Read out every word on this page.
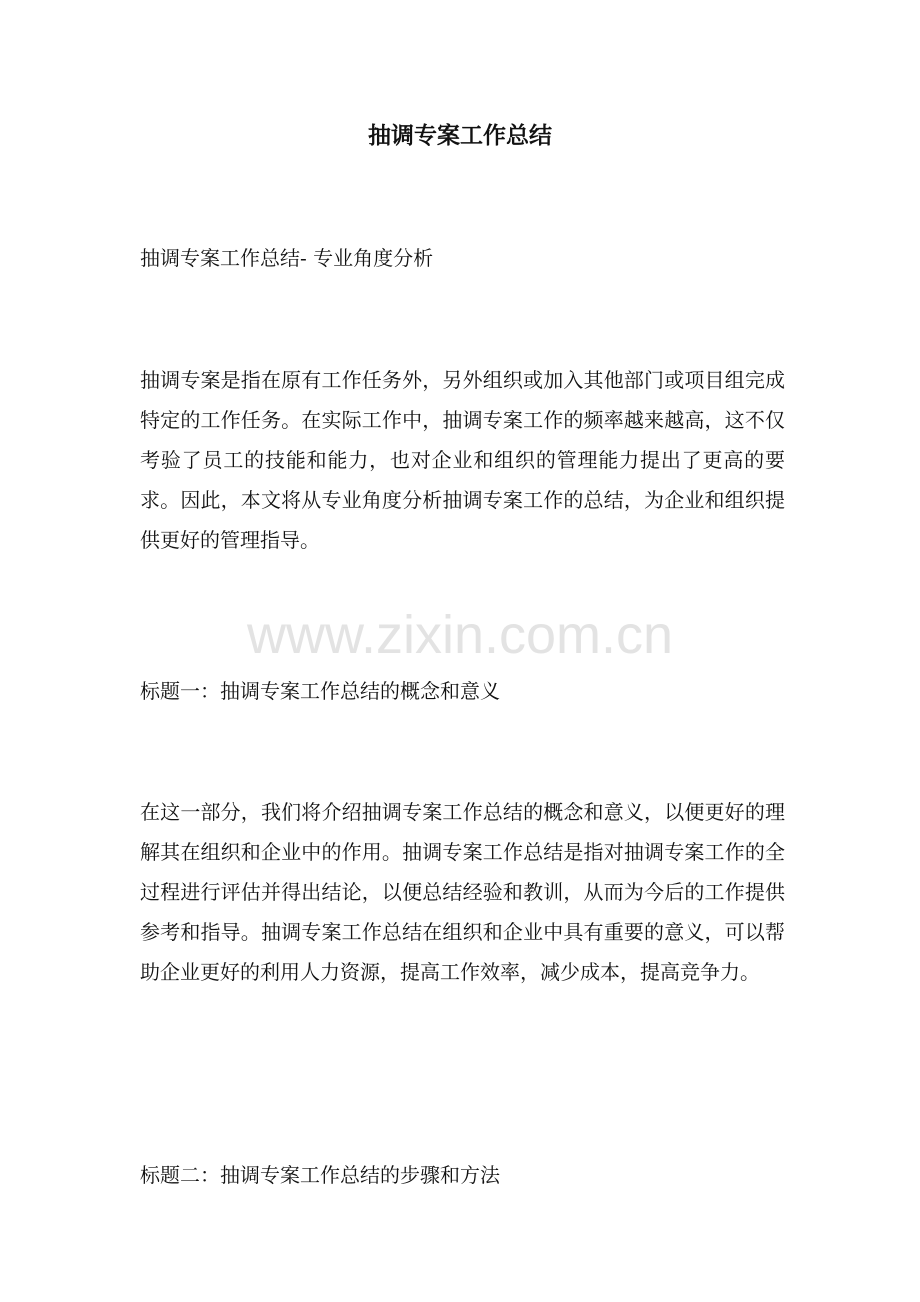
抽调专案工作总结

抽调专案工作总结- 专业角度分析

抽调专案是指在原有工作任务外，另外组织或加入其他部门或项目组完成特定的工作任务。在实际工作中，抽调专案工作的频率越来越高，这不仅考验了员工的技能和能力，也对企业和组织的管理能力提出了更高的要求。因此，本文将从专业角度分析抽调专案工作的总结，为企业和组织提供更好的管理指导。

www.zixin.com.cn

标题一：抽调专案工作总结的概念和意义

在这一部分，我们将介绍抽调专案工作总结的概念和意义，以便更好的理解其在组织和企业中的作用。抽调专案工作总结是指对抽调专案工作的全过程进行评估并得出结论，以便总结经验和教训，从而为今后的工作提供参考和指导。抽调专案工作总结在组织和企业中具有重要的意义，可以帮助企业更好的利用人力资源，提高工作效率，减少成本，提高竞争力。

标题二：抽调专案工作总结的步骤和方法
